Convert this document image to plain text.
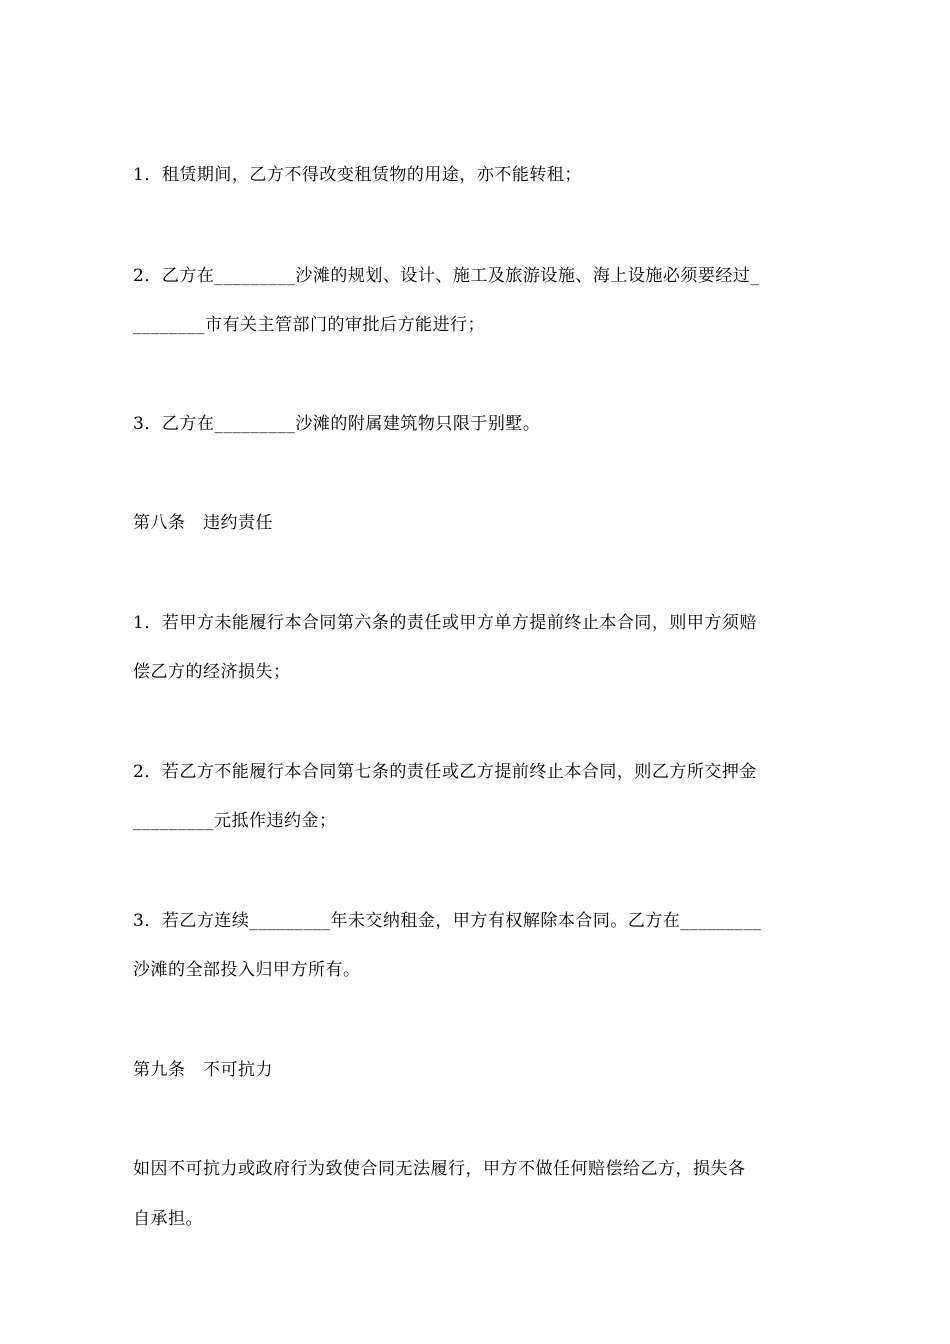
1．租赁期间，乙方不得改变租赁物的用途，亦不能转租；
2．乙方在_________沙滩的规划、设计、施工及旅游设施、海上设施必须要经过_
________市有关主管部门的审批后方能进行；
3．乙方在_________沙滩的附属建筑物只限于别墅。
第八条　违约责任
1．若甲方未能履行本合同第六条的责任或甲方单方提前终止本合同，则甲方须赔
偿乙方的经济损失；
2．若乙方不能履行本合同第七条的责任或乙方提前终止本合同，则乙方所交押金
_________元抵作违约金；
3．若乙方连续_________年未交纳租金，甲方有权解除本合同。乙方在_________
沙滩的全部投入归甲方所有。
第九条　不可抗力
如因不可抗力或政府行为致使合同无法履行，甲方不做任何赔偿给乙方，损失各
自承担。
